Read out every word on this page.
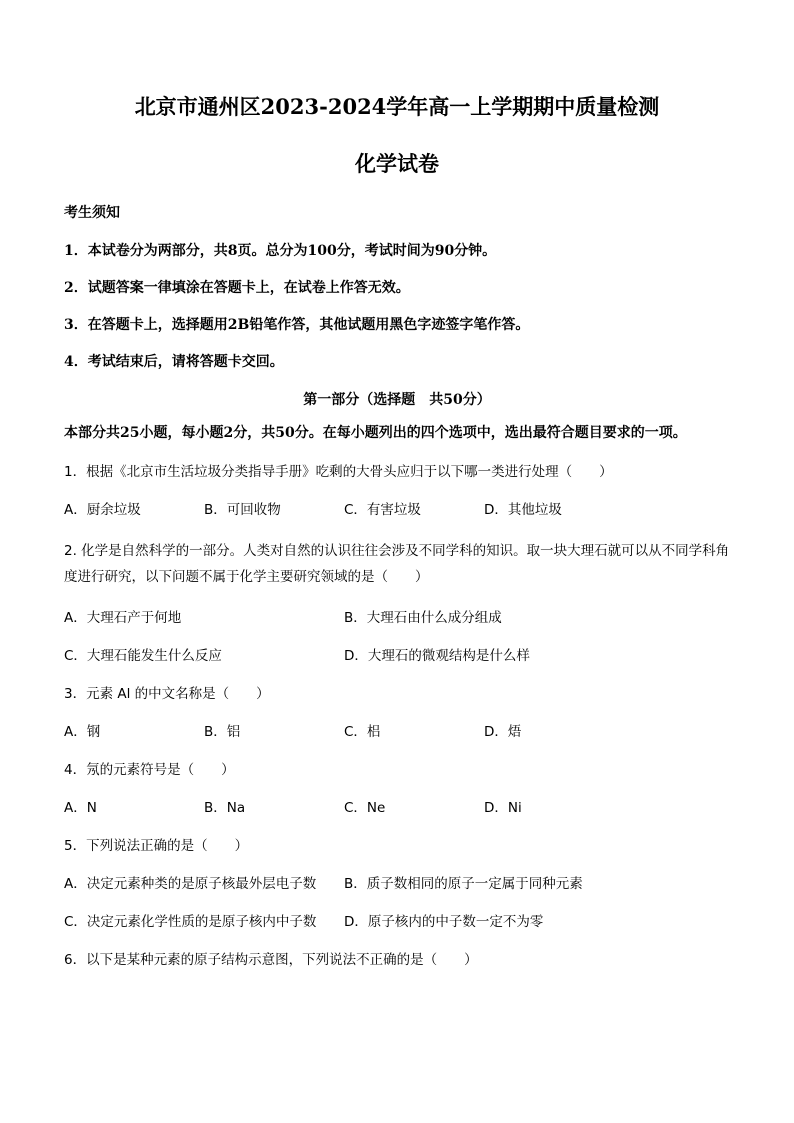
北京市通州区2023-2024学年高一上学期期中质量检测

化学试卷

考生须知

1．本试卷分为两部分，共8页。总分为100分，考试时间为90分钟。

2．试题答案一律填涂在答题卡上，在试卷上作答无效。

3．在答题卡上，选择题用2B铅笔作答，其他试题用黑色字迹签字笔作答。

4．考试结束后，请将答题卡交回。

第一部分（选择题　共50分）

本部分共25小题，每小题2分，共50分。在每小题列出的四个选项中，选出最符合题目要求的一项。

1．根据《北京市生活垃圾分类指导手册》吃剩的大骨头应归于以下哪一类进行处理（　　）

A．厨余垃圾	B．可回收物	C．有害垃圾	D．其他垃圾

2. 化学是自然科学的一部分。人类对自然的认识往往会涉及不同学科的知识。取一块大理石就可以从不同学科角度进行研究，以下问题不属于化学主要研究领域的是（　　）

A．大理石产于何地	B．大理石由什么成分组成
C．大理石能发生什么反应	D．大理石的微观结构是什么样

3．元素 Al 的中文名称是（　　）

A．钢	B．铝	C．梠	D．焐

4．氖的元素符号是（　　）

A．N	B．Na	C．Ne	D．Ni

5．下列说法正确的是（　　）

A．决定元素种类的是原子核最外层电子数	B．质子数相同的原子一定属于同种元素
C．决定元素化学性质的是原子核内中子数	D．原子核内的中子数一定不为零

6．以下是某种元素的原子结构示意图，下列说法不正确的是（　　）
